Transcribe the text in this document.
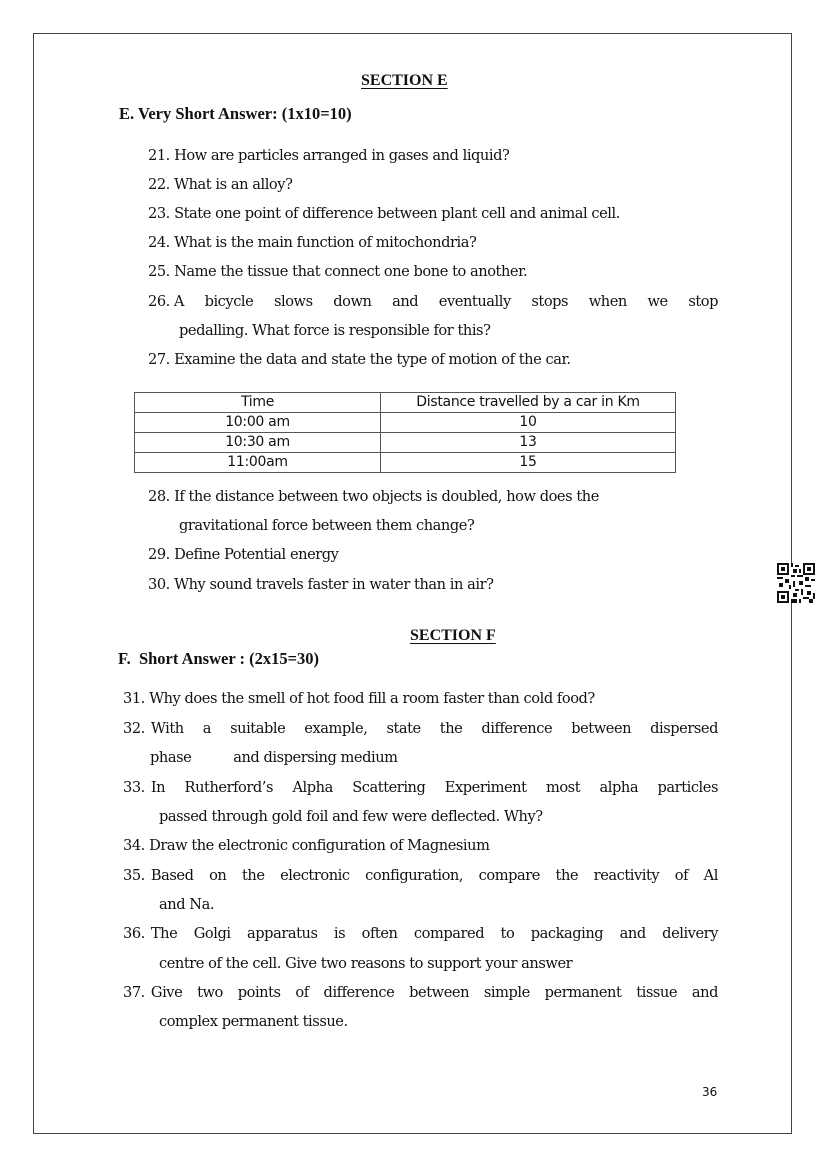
SECTION E
E. Very Short Answer: (1x10=10)
21. How are particles arranged in gases and liquid?
22. What is an alloy?
23. State one point of difference between plant cell and animal cell.
24. What is the main function of mitochondria?
25. Name the tissue that connect one bone to another.
26. A bicycle slows down and eventually stops when we stop
pedalling. What force is responsible for this?
27. Examine the data and state the type of motion of the car.
Time	Distance travelled by a car in Km
10:00 am	10
10:30 am	13
11:00am	15
28. If the distance between two objects is doubled, how does the
gravitational force between them change?
29. Define Potential energy
30. Why sound travels faster in water than in air?
SECTION F
F.  Short Answer : (2x15=30)
31. Why does the smell of hot food fill a room faster than cold food?
32. With a suitable example, state the difference between dispersed
phase          and dispersing medium
33. In Rutherford’s Alpha Scattering Experiment most alpha particles
passed through gold foil and few were deflected. Why?
34. Draw the electronic configuration of Magnesium
35. Based on the electronic configuration, compare the reactivity of Al
and Na.
36. The Golgi apparatus is often compared to packaging and delivery
centre of the cell. Give two reasons to support your answer
37. Give two points of difference between simple permanent tissue and
complex permanent tissue.
36
